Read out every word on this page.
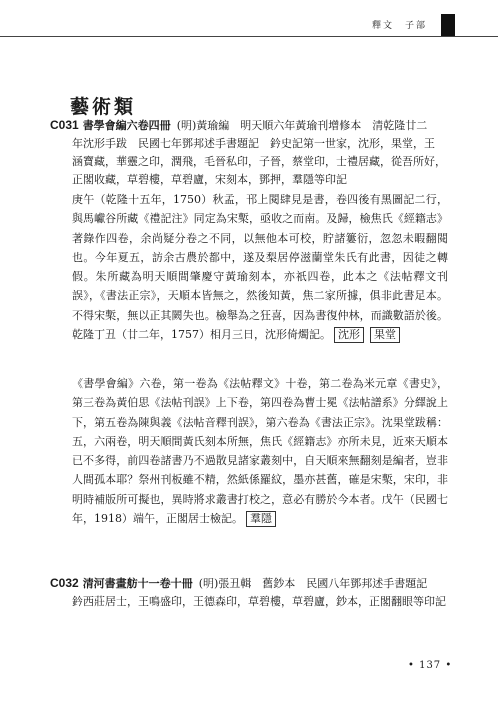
釋文　子部
藝術類
C031 書學會編六卷四冊 (明)黃瑜編　明天順六年黃瑜刊增修本　清乾隆廿二
年沈形手跋　民國七年鄧邦述手書題記　鈐史記第一世家，沈形，果堂，王
涵寶藏，華靈之印，潤飛，毛晉私印，子晉，蔡堂印，士禮居藏，從吾所好，
正閣收藏，草碧樓，草碧廬，宋刻本，鄧押，羣隱等印記

庚午（乾隆十五年，1750）秋孟，邗上閱肆見是書，卷四後有黑圖記二行，與馬巘谷所藏《禮記注》同定為宋槧，亟收之而南。及歸，檢焦氏《經籍志》著錄作四卷，余尚疑分卷之不同，以無他本可校，貯諸簍衍，忽忽未暇翻閱也。今年夏五，訪余古農於都中，遂及梨居停滋蘭堂朱氏有此書，因徒之轉假。朱所藏為明天順間肇慶守黃瑜刻本，亦祇四卷，此本之《法帖釋文刊誤》，《書法正宗》，天順本皆無之，然後知黃，焦二家所據，俱非此書足本。不得宋槧，無以正其闕失也。檢舉為之狂喜，因為書復仲林，而識數語於後。乾隆丁丑（廿二年，1757）相月三日，沈形倚燭記。 沈形 果堂

《書學會編》六卷，第一卷為《法帖釋文》十卷，第二卷為米元章《書史》，第三卷為黃伯思《法帖刊誤》上下卷，第四卷為曹士冕《法帖譜系》分繹說上下，第五卷為陳與義《法帖音釋刊誤》，第六卷為《書法正宗》。沈果堂跋稱：五，六兩卷，明天順間黃氏刻本所無，焦氏《經籍志》亦所未見，近來天順本已不多得，前四卷諸書乃不過散見諸家叢刻中，自天順來無翻刻是編者，豈非人間孤本耶？祭州刊板雖不精，然紙係羅紋，墨亦甚舊，確是宋槧，宋印，非明時補版所可擬也，異時將求叢書打校之，意必有勝於今本者。戊午（民國七年，1918）端午，正閣居士檢記。 羣隱

C032 清河書畫舫十一卷十冊 (明)張丑輯　舊鈔本　民國八年鄧邦述手書題記
鈐西莊居士，王鳴盛印，王德森印，草碧樓，草碧廬，鈔本，正閣翻眼等印記
• 137 •
